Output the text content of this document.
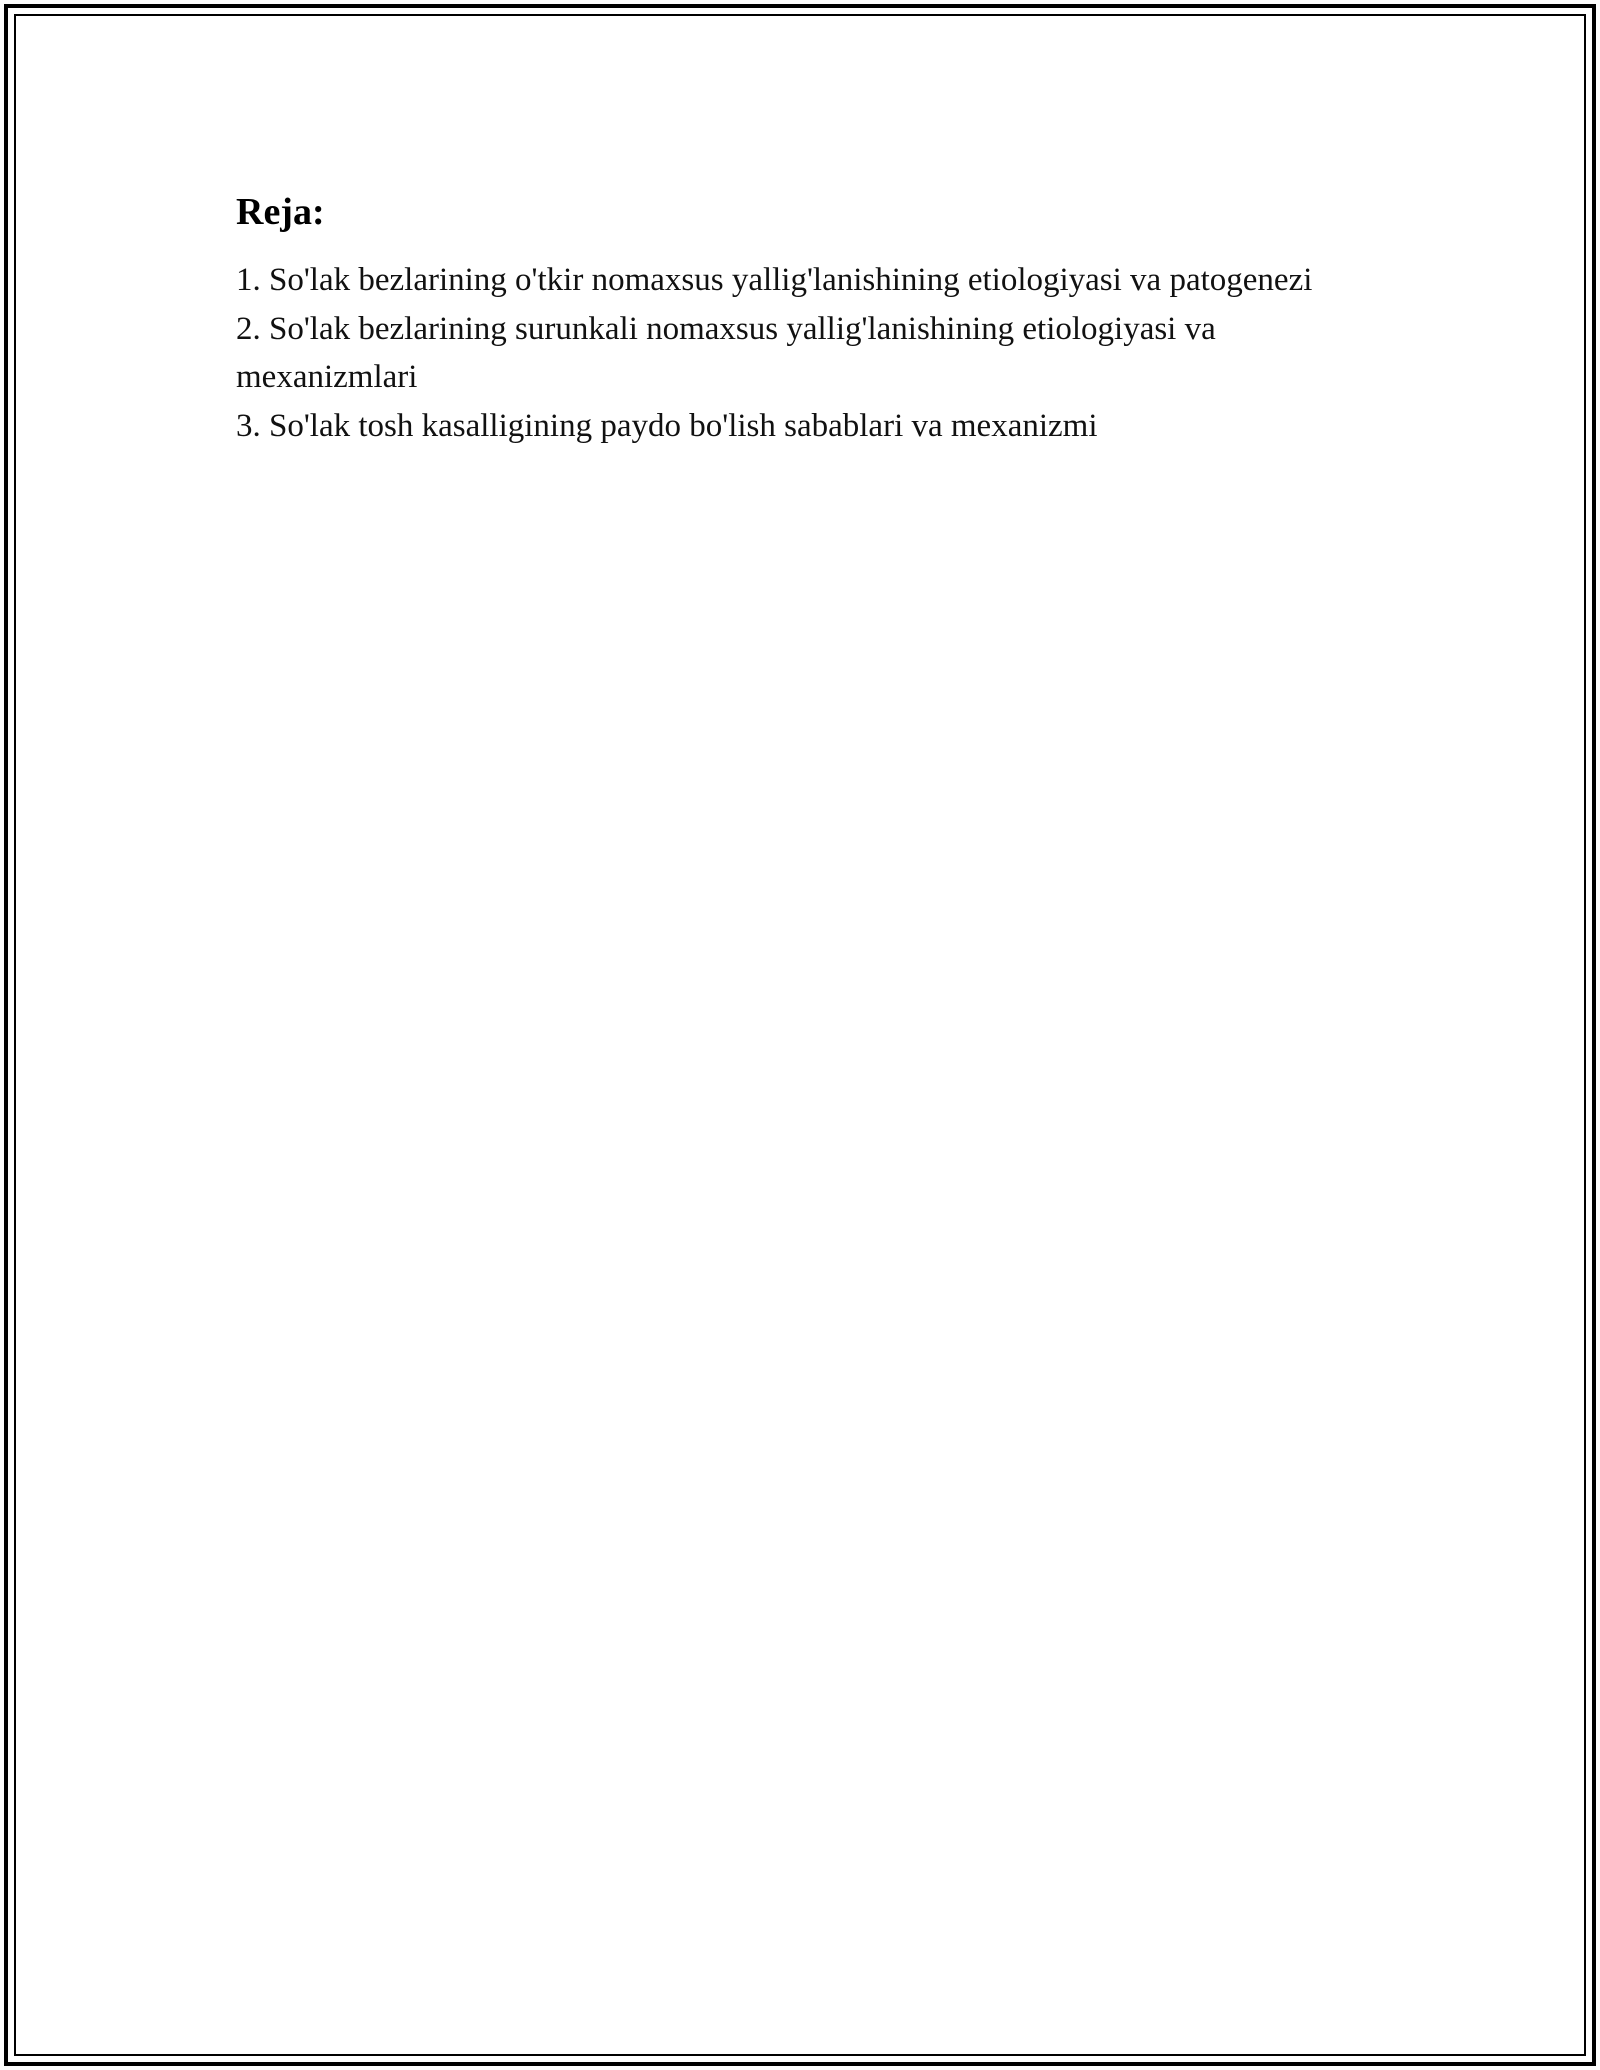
Reja:
1. So'lak bezlarining o'tkir nomaxsus yallig'lanishining etiologiyasi va patogenezi
2. So'lak bezlarining surunkali nomaxsus yallig'lanishining etiologiyasi va mexanizmlari
3. So'lak tosh kasalligining paydo bo'lish sabablari va mexanizmi
